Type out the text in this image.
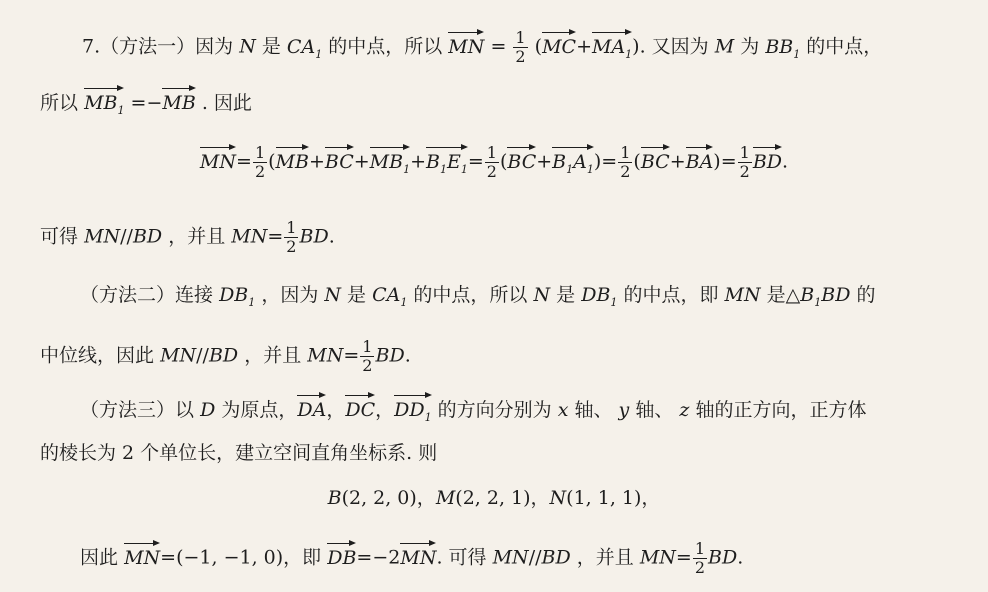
7.（方法一）因为 N 是 $CA_1$ 的中点，所以 MN = $\frac{1}{2} (MC+MA_1)$. 又因为 M 为 $BB_1$ 的中点，
所以 $MB_1 =-MB$ . 因此
$MN= \frac{1}{2} (MB+BC+MB_1+B_1E_1= \frac{1}{2} (BC+B_1A_1)= \frac{1}{2} (BC+BA)= \frac{1}{2}$ BD.
可得 MN//BD ，并且 $MN= \frac{1}{2}$ BD.
（方法二）连接 $DB_1$ ，因为 N 是 $CA_1$ 的中点，所以 N 是 $DB_1$ 的中点，即 MN 是$\triangle B_1BD$ 的
中位线，因此 MN//BD ，并且 $MN= \frac{1}{2}$ BD.
（方法三）以 D 为原点，DA，DC，$DD_1$ 的方向分别为 x 轴、 y 轴、 z 轴的正方向，正方体
的棱长为 2 个单位长，建立空间直角坐标系. 则
B(2, 2, 0)，M(2, 2, 1)，N(1, 1, 1)，
因此 MN=(−1, −1, 0)，即 DB=−2MN. 可得 MN//BD ，并且 $MN= \frac{1}{2}$ BD.
